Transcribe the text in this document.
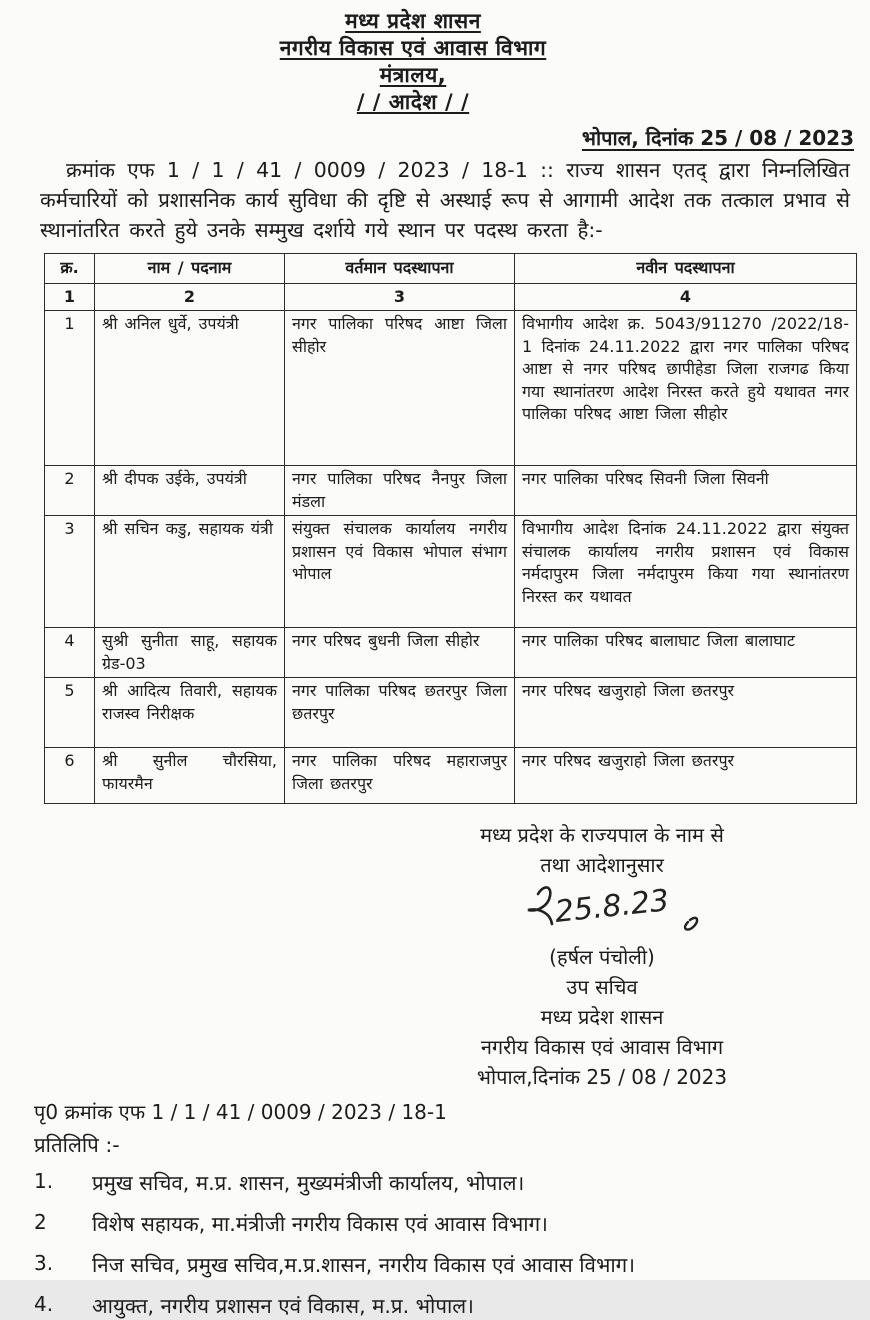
मध्य प्रदेश शासन
नगरीय विकास एवं आवास विभाग
मंत्रालय,
/ / आदेश / /
भोपाल, दिनांक 25 / 08 / 2023
क्रमांक एफ 1 / 1 / 41 / 0009 / 2023 / 18-1 :: राज्य शासन एतद् द्वारा निम्नलिखित कर्मचारियों को प्रशासनिक कार्य सुविधा की दृष्टि से अस्थाई रूप से आगामी आदेश तक तत्काल प्रभाव से स्थानांतरित करते हुये उनके सम्मुख दर्शाये गये स्थान पर पदस्थ करता है:-
क्र.	नाम / पदनाम	वर्तमान पदस्थापना	नवीन पदस्थापना
1	2	3	4
1	श्री अनिल धुर्वे, उपयंत्री	नगर पालिका परिषद आष्टा जिला सीहोर	विभागीय आदेश क्र. 5043/911270 /2022/18-1 दिनांक 24.11.2022 द्वारा नगर पालिका परिषद आष्टा से नगर परिषद छापीहेडा जिला राजगढ किया गया स्थानांतरण आदेश निरस्त करते हुये यथावत नगर पालिका परिषद आष्टा जिला सीहोर
2	श्री दीपक उईके, उपयंत्री	नगर पालिका परिषद नैनपुर जिला मंडला	नगर पालिका परिषद सिवनी जिला सिवनी
3	श्री सचिन कडु, सहायक यंत्री	संयुक्त संचालक कार्यालय नगरीय प्रशासन एवं विकास भोपाल संभाग भोपाल	विभागीय आदेश दिनांक 24.11.2022 द्वारा संयुक्त संचालक कार्यालय नगरीय प्रशासन एवं विकास नर्मदापुरम जिला नर्मदापुरम किया गया स्थानांतरण निरस्त कर यथावत
4	सुश्री सुनीता साहू, सहायक ग्रेड-03	नगर परिषद बुधनी जिला सीहोर	नगर पालिका परिषद बालाघाट जिला बालाघाट
5	श्री आदित्य तिवारी, सहायक राजस्व निरीक्षक	नगर पालिका परिषद छतरपुर जिला छतरपुर	नगर परिषद खजुराहो जिला छतरपुर
6	श्री सुनील चौरसिया, फायरमैन	नगर पालिका परिषद महाराजपुर जिला छतरपुर	नगर परिषद खजुराहो जिला छतरपुर
मध्य प्रदेश के राज्यपाल के नाम से
तथा आदेशानुसार
25.8.23
(हर्षल पंचोली)
उप सचिव
मध्य प्रदेश शासन
नगरीय विकास एवं आवास विभाग
भोपाल,दिनांक 25 / 08 / 2023
पृ0 क्रमांक एफ 1 / 1 / 41 / 0009 / 2023 / 18-1
प्रतिलिपि :-
1.	प्रमुख सचिव, म.प्र. शासन, मुख्यमंत्रीजी कार्यालय, भोपाल।
2	विशेष सहायक, मा.मंत्रीजी नगरीय विकास एवं आवास विभाग।
3.	निज सचिव, प्रमुख सचिव,म.प्र.शासन, नगरीय विकास एवं आवास विभाग।
4.	आयुक्त, नगरीय प्रशासन एवं विकास, म.प्र. भोपाल।
